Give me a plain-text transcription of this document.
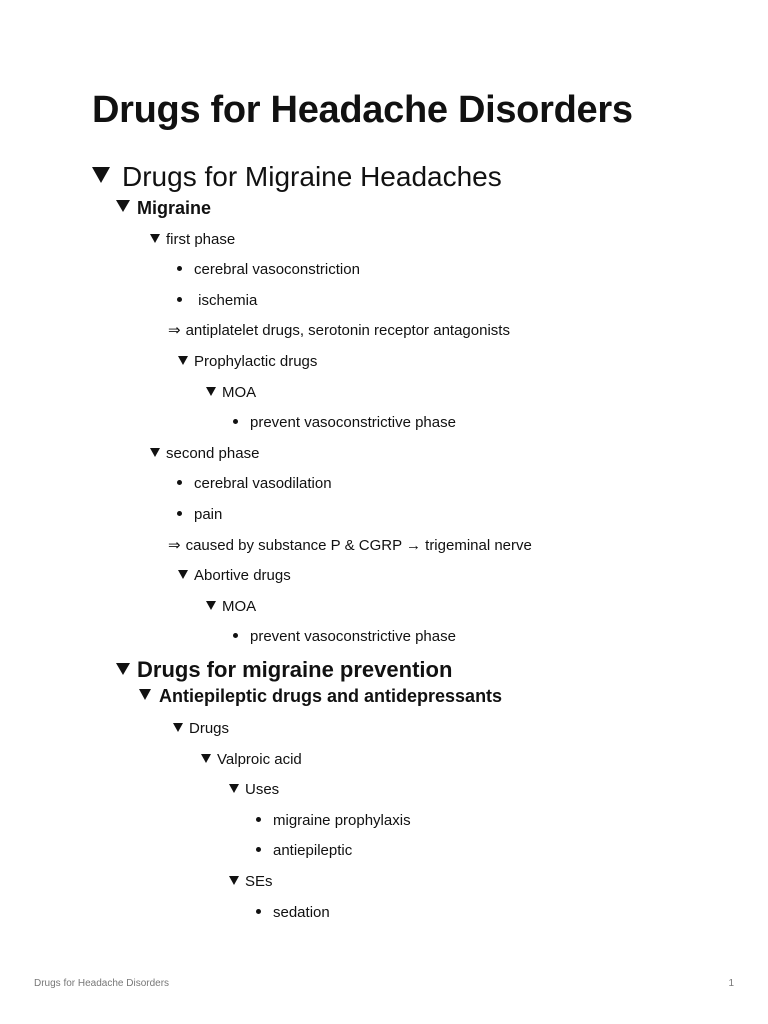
Drugs for Headache Disorders
Drugs for Migraine Headaches
Migraine
first phase
cerebral vasoconstriction
ischemia
⇒ antiplatelet drugs, serotonin receptor antagonists
Prophylactic drugs
MOA
prevent vasoconstrictive phase
second phase
cerebral vasodilation
pain
⇒ caused by substance P & CGRP → trigeminal nerve
Abortive drugs
MOA
prevent vasoconstrictive phase
Drugs for migraine prevention
Antiepileptic drugs and antidepressants
Drugs
Valproic acid
Uses
migraine prophylaxis
antiepileptic
SEs
sedation
Drugs for Headache Disorders	1
